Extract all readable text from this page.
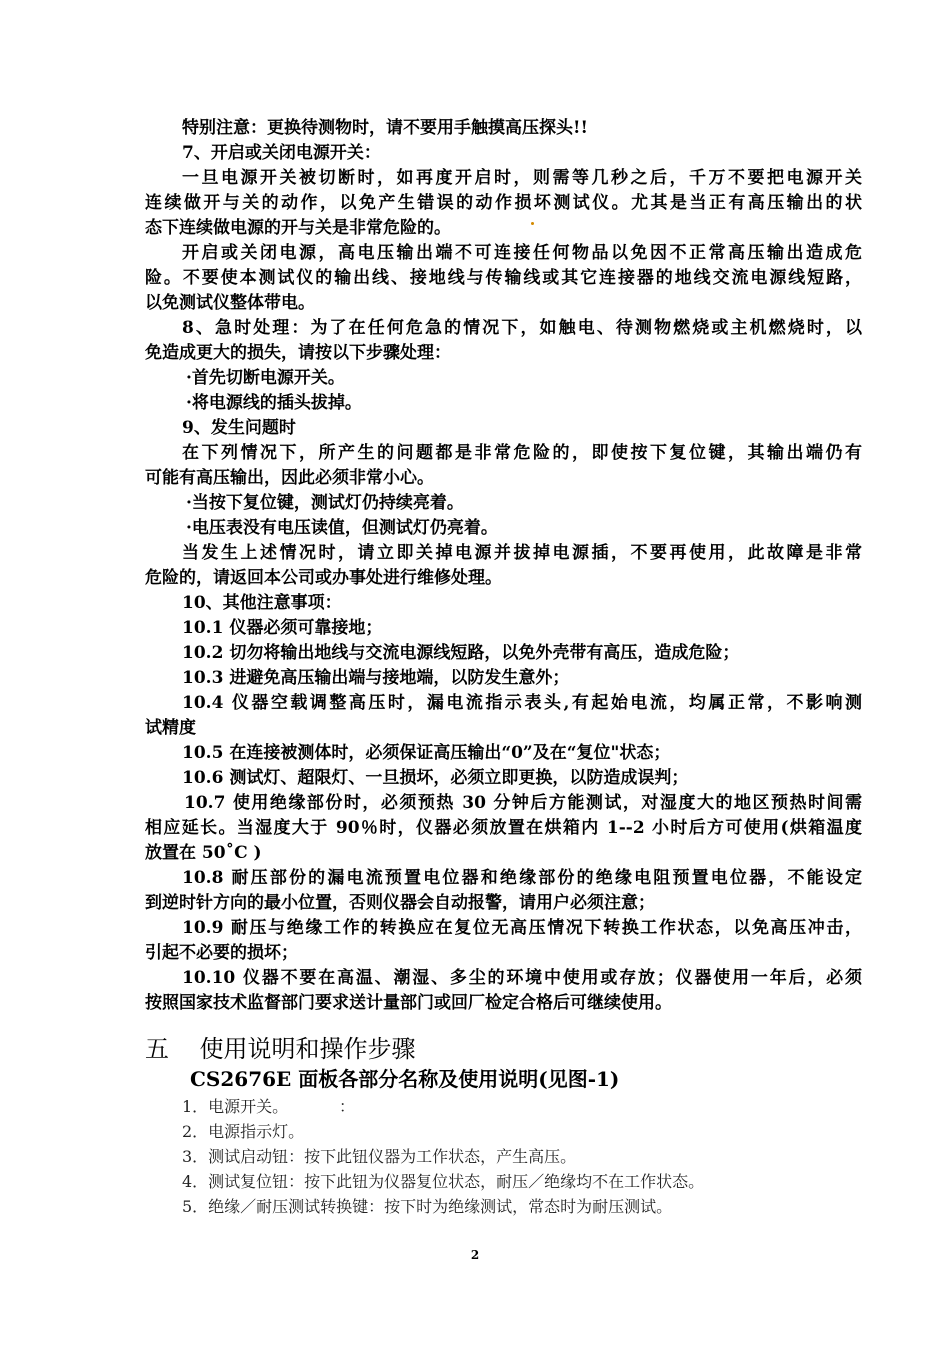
特别注意：更换待测物时，请不要用手触摸高压探头!!
7、开启或关闭电源开关：
一旦电源开关被切断时，如再度开启时，则需等几秒之后，千万不要把电源开关
连续做开与关的动作，以免产生错误的动作损坏测试仪。尤其是当正有高压输出的状
态下连续做电源的开与关是非常危险的。
开启或关闭电源，高电压输出端不可连接任何物品以免因不正常高压输出造成危
险。不要使本测试仪的输出线、接地线与传输线或其它连接器的地线交流电源线短路，
以免测试仪整体带电。
8、急时处理：为了在任何危急的情况下，如触电、待测物燃烧或主机燃烧时，以
免造成更大的损失，请按以下步骤处理：
·首先切断电源开关。
·将电源线的插头拔掉。
9、发生问题时
在下列情况下，所产生的问题都是非常危险的，即使按下复位键，其输出端仍有
可能有高压输出，因此必须非常小心。
·当按下复位键，测试灯仍持续亮着。
·电压表没有电压读值，但测试灯仍亮着。
当发生上述情况时，请立即关掉电源并拔掉电源插，不要再使用，此故障是非常
危险的，请返回本公司或办事处进行维修处理。
10、其他注意事项：
10.1 仪器必须可靠接地；
10.2 切勿将输出地线与交流电源线短路，以免外壳带有高压，造成危险；
10.3 进避免高压输出端与接地端，以防发生意外；
10.4 仪器空载调整高压时，漏电流指示表头,有起始电流，均属正常，不影响测
试精度
10.5 在连接被测体时，必须保证高压输出“0”及在“复位"状态；
10.6 测试灯、超限灯、一旦损坏，必须立即更换，以防造成误判；
10.7 使用绝缘部份时，必须预热 30 分钟后方能测试，对湿度大的地区预热时间需
相应延长。当湿度大于 90％时，仪器必须放置在烘箱内 1--2 小时后方可使用(烘箱温度
放置在 50˚C )
10.8 耐压部份的漏电流预置电位器和绝缘部份的绝缘电阻预置电位器，不能设定
到逆时针方向的最小位置，否则仪器会自动报警，请用户必须注意；
10.9 耐压与绝缘工作的转换应在复位无高压情况下转换工作状态，以免高压冲击，
引起不必要的损坏；
10.10 仪器不要在高温、潮湿、多尘的环境中使用或存放；仪器使用一年后，必须
按照国家技术监督部门要求送计量部门或回厂检定合格后可继续使用。
五    使用说明和操作步骤
CS2676E 面板各部分名称及使用说明(见图-1)
1．电源开关。          ：
2．电源指示灯。
3．测试启动钮：按下此钮仪器为工作状态，产生高压。
4．测试复位钮：按下此钮为仪器复位状态，耐压／绝缘均不在工作状态。
5．绝缘／耐压测试转换键：按下时为绝缘测试，常态时为耐压测试。
2
